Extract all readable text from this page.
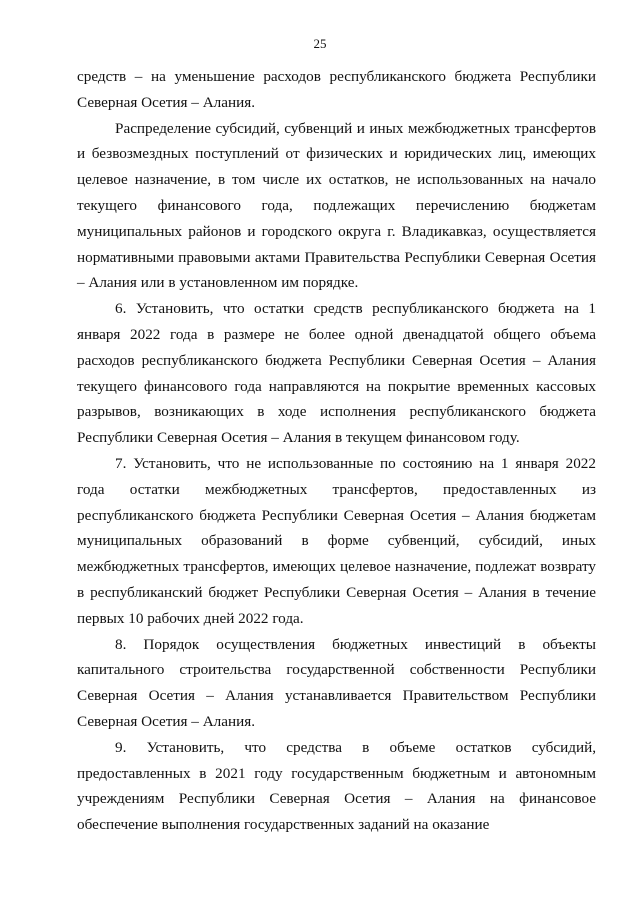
25

средств – на уменьшение расходов республиканского бюджета Республики Северная Осетия – Алания.

Распределение субсидий, субвенций и иных межбюджетных трансфертов и безвозмездных поступлений от физических и юридических лиц, имеющих целевое назначение, в том числе их остатков, не использованных на начало текущего финансового года, подлежащих перечислению бюджетам муниципальных районов и городского округа г. Владикавказ, осуществляется нормативными правовыми актами Правительства Республики Северная Осетия – Алания или в установленном им порядке.

6. Установить, что остатки средств республиканского бюджета на 1 января 2022 года в размере не более одной двенадцатой общего объема расходов республиканского бюджета Республики Северная Осетия – Алания текущего финансового года направляются на покрытие временных кассовых разрывов, возникающих в ходе исполнения республиканского бюджета Республики Северная Осетия – Алания в текущем финансовом году.

7. Установить, что не использованные по состоянию на 1 января 2022 года остатки межбюджетных трансфертов, предоставленных из республиканского бюджета Республики Северная Осетия – Алания бюджетам муниципальных образований в форме субвенций, субсидий, иных межбюджетных трансфертов, имеющих целевое назначение, подлежат возврату в республиканский бюджет Республики Северная Осетия – Алания в течение первых 10 рабочих дней 2022 года.

8. Порядок осуществления бюджетных инвестиций в объекты капитального строительства государственной собственности Республики Северная Осетия – Алания устанавливается Правительством Республики Северная Осетия – Алания.

9. Установить, что средства в объеме остатков субсидий, предоставленных в 2021 году государственным бюджетным и автономным учреждениям Республики Северная Осетия – Алания на финансовое обеспечение выполнения государственных заданий на оказание
